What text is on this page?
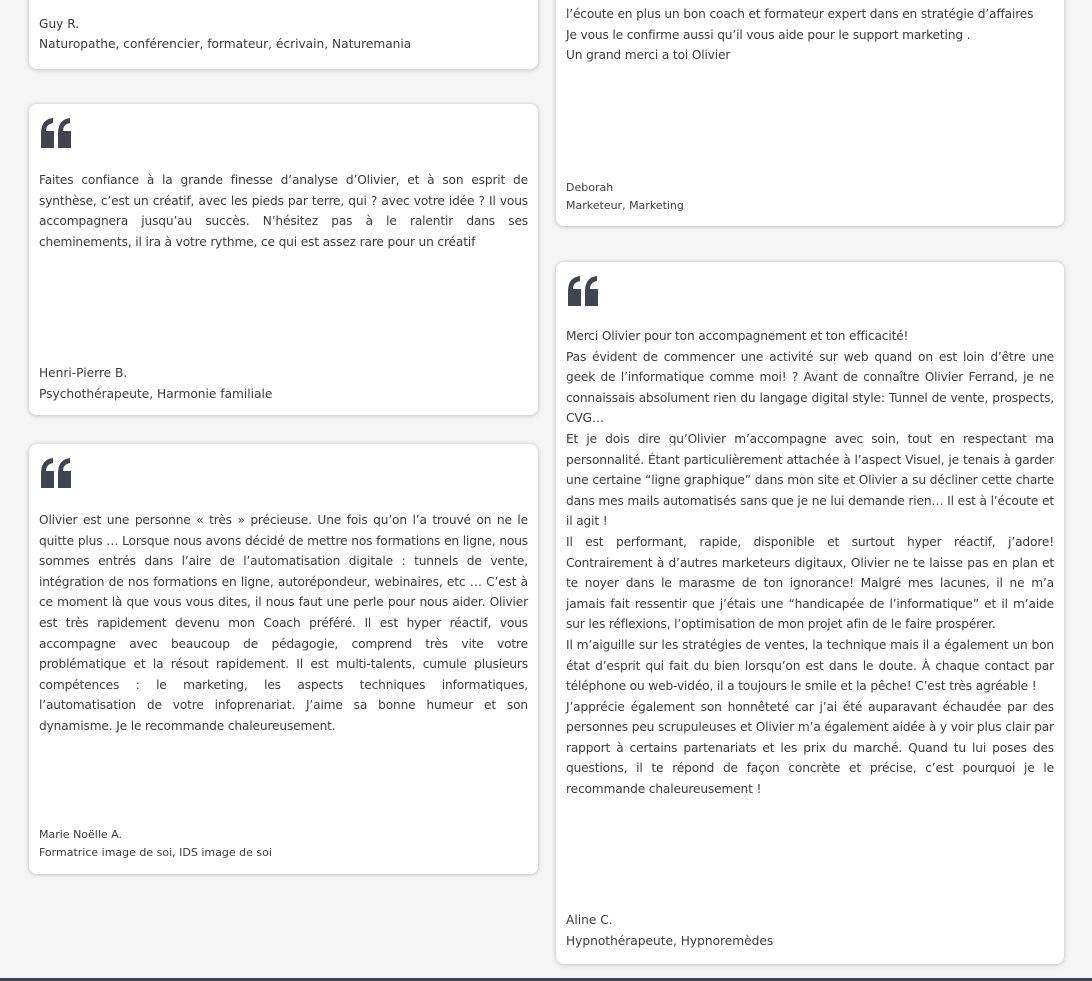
Guy R.
Naturopathe, conférencier, formateur, écrivain, Naturemania

l’écoute en plus un bon coach et formateur expert dans en stratégie d’affaires

Je vous le confirme aussi qu’il vous aide pour le support marketing .

Un grand merci a toi Olivier

Deborah
Marketeur, Marketing

Faites confiance à la grande finesse d’analyse d’Olivier, et à son esprit de synthèse, c’est un créatif, avec les pieds par terre, qui ? avec votre idée ? Il vous accompagnera jusqu’au succès. N’hésitez pas à le ralentir dans ses cheminements, il ira à votre rythme, ce qui est assez rare pour un créatif

Henri-Pierre B.
Psychothérapeute, Harmonie familiale

Olivier est une personne « très » précieuse. Une fois qu’on l’a trouvé on ne le quitte plus … Lorsque nous avons décidé de mettre nos formations en ligne, nous sommes entrés dans l’aire de l’automatisation digitale : tunnels de vente, intégration de nos formations en ligne, autorépondeur, webinaires, etc … C’est à ce moment là que vous vous dites, il nous faut une perle pour nous aider. Olivier est très rapidement devenu mon Coach préféré. Il est hyper réactif, vous accompagne avec beaucoup de pédagogie, comprend très vite votre problématique et la résout rapidement. Il est multi-talents, cumule plusieurs compétences : le marketing, les aspects techniques informatiques, l’automatisation de votre infoprenariat. J’aime sa bonne humeur et son dynamisme. Je le recommande chaleureusement.

Marie Noëlle A.
Formatrice image de soi, IDS image de soi

Merci Olivier pour ton accompagnement et ton efficacité!

Pas évident de commencer une activité sur web quand on est loin d’être une geek de l’informatique comme moi! ? Avant de connaître Olivier Ferrand, je ne connaissais absolument rien du langage digital style: Tunnel de vente, prospects, CVG…

Et je dois dire qu’Olivier m’accompagne avec soin, tout en respectant ma personnalité. Étant particulièrement attachée à l’aspect Visuel, je tenais à garder une certaine “ligne graphique” dans mon site et Olivier a su décliner cette charte dans mes mails automatisés sans que je ne lui demande rien… Il est à l’écoute et il agit !

Il est performant, rapide, disponible et surtout hyper réactif, j’adore! Contrairement à d’autres marketeurs digitaux, Olivier ne te laisse pas en plan et te noyer dans le marasme de ton ignorance! Malgré mes lacunes, il ne m’a jamais fait ressentir que j’étais une “handicapée de l’informatique” et il m’aide sur les réflexions, l’optimisation de mon projet afin de le faire prospérer.

Il m’aiguille sur les stratégies de ventes, la technique mais il a également un bon état d’esprit qui fait du bien lorsqu’on est dans le doute. À chaque contact par téléphone ou web-vidéo, il a toujours le smile et la pêche! C’est très agréable !

J’apprécie également son honnêteté car j’ai été auparavant échaudée par des personnes peu scrupuleuses et Olivier m’a également aidée à y voir plus clair par rapport à certains partenariats et les prix du marché. Quand tu lui poses des questions, il te répond de façon concrète et précise, c’est pourquoi je le recommande chaleureusement !

Aline C.
Hypnothérapeute, Hypnoremèdes
